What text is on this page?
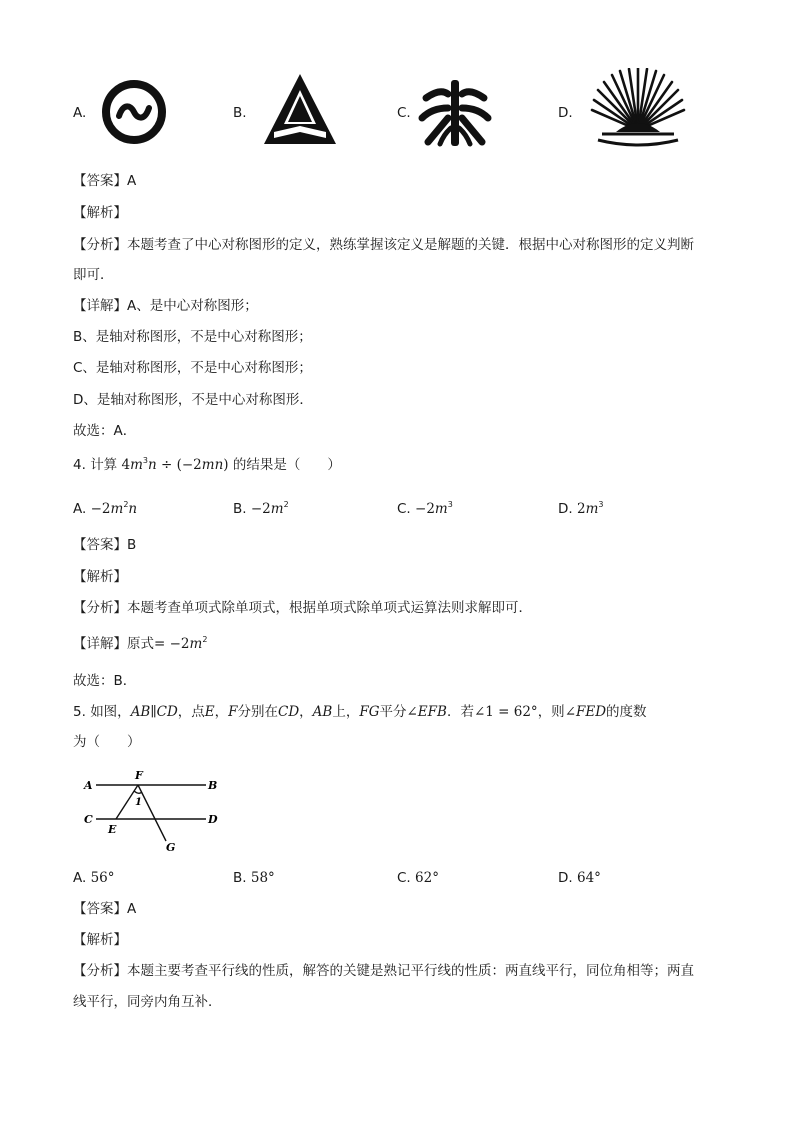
A.	B.	C.	D.
【答案】A
【解析】
【分析】本题考查了中心对称图形的定义，熟练掌握该定义是解题的关键．根据中心对称图形的定义判断
即可．
【详解】A、是中心对称图形；
B、是轴对称图形，不是中心对称图形；
C、是轴对称图形，不是中心对称图形；
D、是轴对称图形，不是中心对称图形．
故选：A．
4. 计算 $4m^3n \div (-2mn)$ 的结果是（　　）
A. $-2m^2n$	B. $-2m^2$	C. $-2m^3$	D. $2m^3$
【答案】B
【解析】
【分析】本题考查单项式除单项式，根据单项式除单项式运算法则求解即可．
【详解】原式= $-2m^2$
故选：B．
5. 如图，AB∥CD，点E，F分别在CD，AB上，FG平分∠EFB．若∠1 = 62°，则∠FED的度数
为（　　）
A	B
C	D
E
F
G
1
A. 56°	B. 58°	C. 62°	D. 64°
【答案】A
【解析】
【分析】本题主要考查平行线的性质，解答的关键是熟记平行线的性质：两直线平行，同位角相等；两直
线平行，同旁内角互补．
